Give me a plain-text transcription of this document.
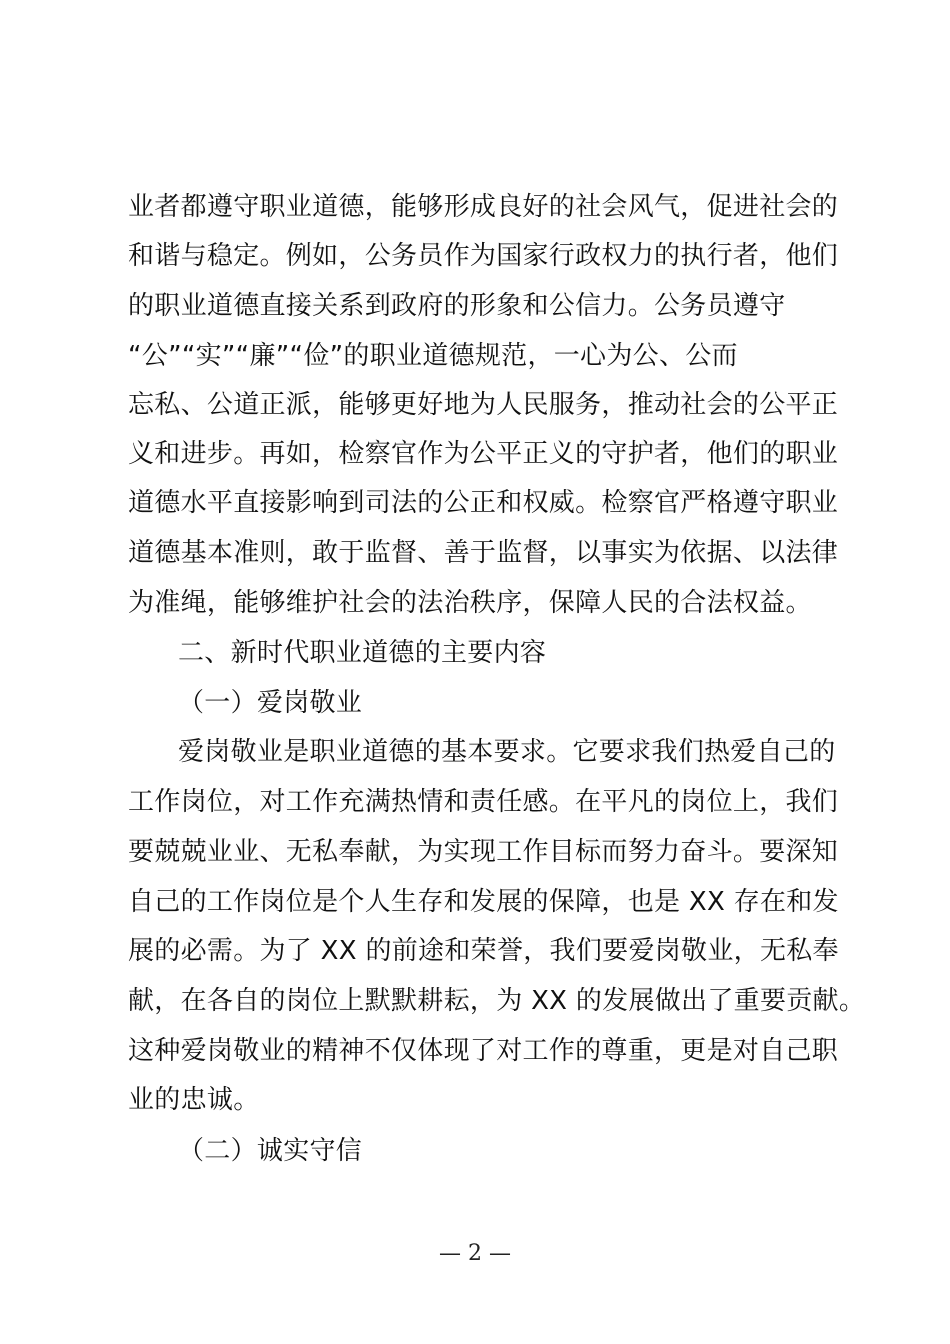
业者都遵守职业道德，能够形成良好的社会风气，促进社会的
和谐与稳定。例如，公务员作为国家行政权力的执行者，他们
的职业道德直接关系到政府的形象和公信力。公务员遵守
“公”“实”“廉”“俭”的职业道德规范，一心为公、公而
忘私、公道正派，能够更好地为人民服务，推动社会的公平正
义和进步。再如，检察官作为公平正义的守护者，他们的职业
道德水平直接影响到司法的公正和权威。检察官严格遵守职业
道德基本准则，敢于监督、善于监督，以事实为依据、以法律
为准绳，能够维护社会的法治秩序，保障人民的合法权益。
二、新时代职业道德的主要内容
（一）爱岗敬业
爱岗敬业是职业道德的基本要求。它要求我们热爱自己的
工作岗位，对工作充满热情和责任感。在平凡的岗位上，我们
要兢兢业业、无私奉献，为实现工作目标而努力奋斗。要深知
自己的工作岗位是个人生存和发展的保障，也是 XX 存在和发
展的必需。为了 XX 的前途和荣誉，我们要爱岗敬业，无私奉
献，在各自的岗位上默默耕耘，为 XX 的发展做出了重要贡献。
这种爱岗敬业的精神不仅体现了对工作的尊重，更是对自己职
业的忠诚。
（二）诚实守信
— 2 —
